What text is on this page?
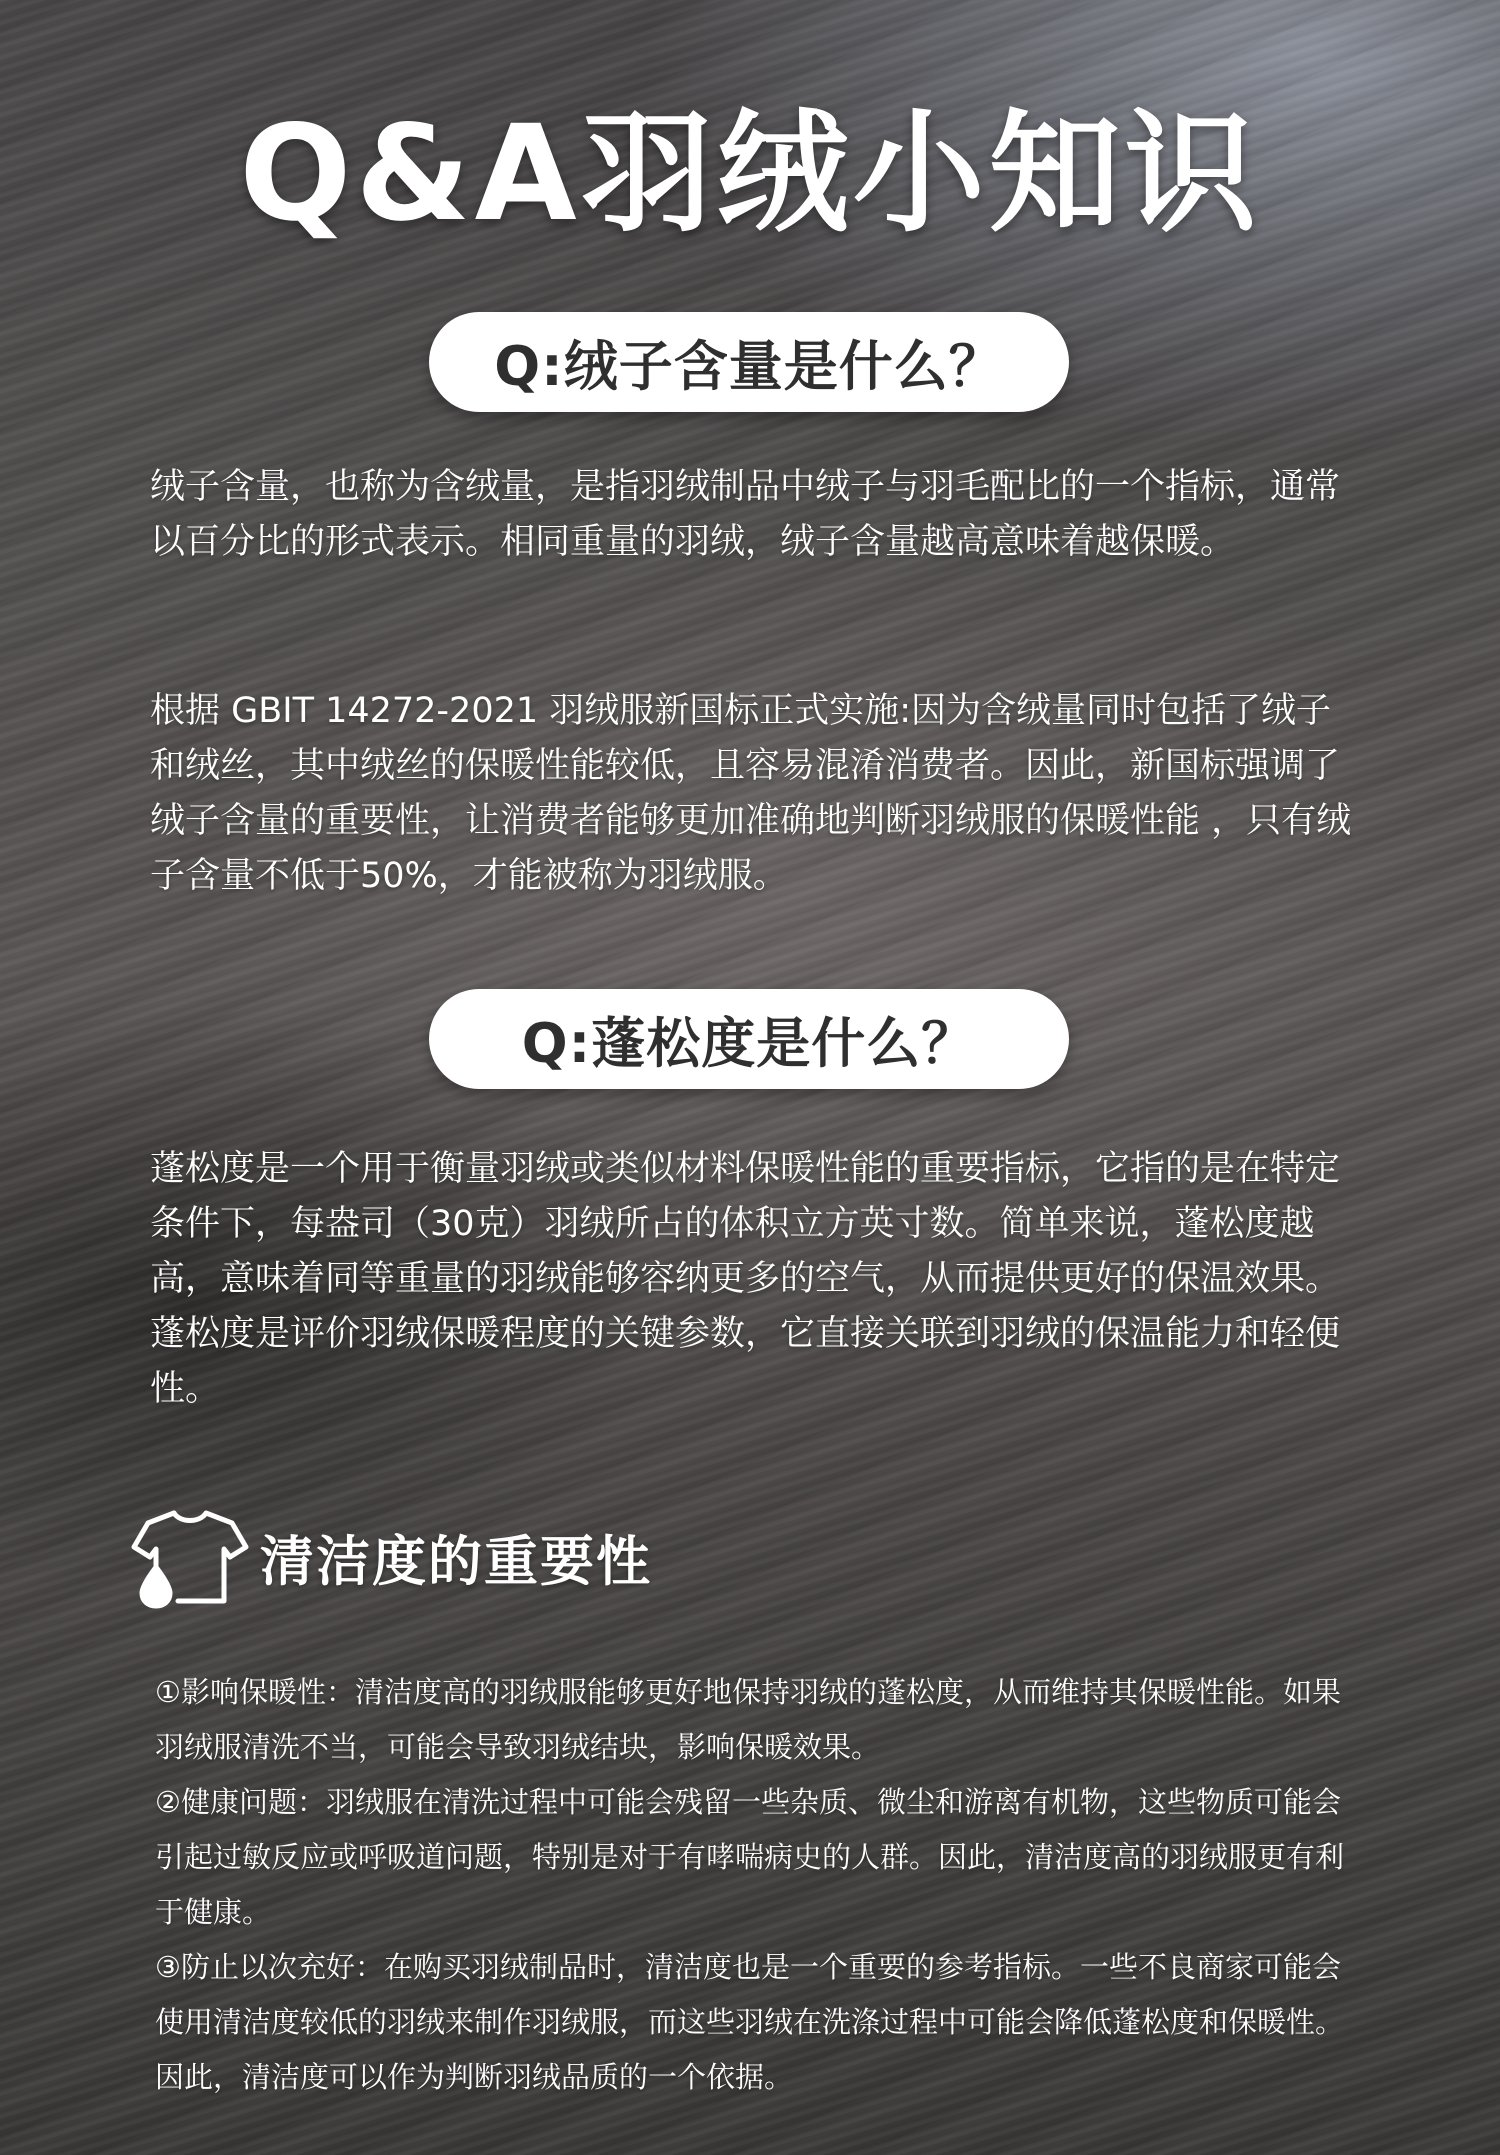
Q&A羽绒小知识
Q:绒子含量是什么？

绒子含量，也称为含绒量，是指羽绒制品中绒子与羽毛配比的一个指标，通常以百分比的形式表示。相同重量的羽绒，绒子含量越高意味着越保暖。

根据 GBIT 14272-2021 羽绒服新国标正式实施:因为含绒量同时包括了绒子和绒丝，其中绒丝的保暖性能较低，且容易混淆消费者。因此，新国标强调了绒子含量的重要性，让消费者能够更加准确地判断羽绒服的保暖性能 ，只有绒子含量不低于50%，才能被称为羽绒服。

Q:蓬松度是什么？

蓬松度是一个用于衡量羽绒或类似材料保暖性能的重要指标，它指的是在特定条件下，每盎司（30克）羽绒所占的体积立方英寸数。简单来说，蓬松度越高，意味着同等重量的羽绒能够容纳更多的空气，从而提供更好的保温效果。蓬松度是评价羽绒保暖程度的关键参数，它直接关联到羽绒的保温能力和轻便性。

清洁度的重要性

①影响保暖性：清洁度高的羽绒服能够更好地保持羽绒的蓬松度，从而维持其保暖性能。如果羽绒服清洗不当，可能会导致羽绒结块，影响保暖效果。

②健康问题：羽绒服在清洗过程中可能会残留一些杂质、微尘和游离有机物，这些物质可能会引起过敏反应或呼吸道问题，特别是对于有哮喘病史的人群。因此，清洁度高的羽绒服更有利于健康。

③防止以次充好：在购买羽绒制品时，清洁度也是一个重要的参考指标。一些不良商家可能会使用清洁度较低的羽绒来制作羽绒服，而这些羽绒在洗涤过程中可能会降低蓬松度和保暖性。因此，清洁度可以作为判断羽绒品质的一个依据。
